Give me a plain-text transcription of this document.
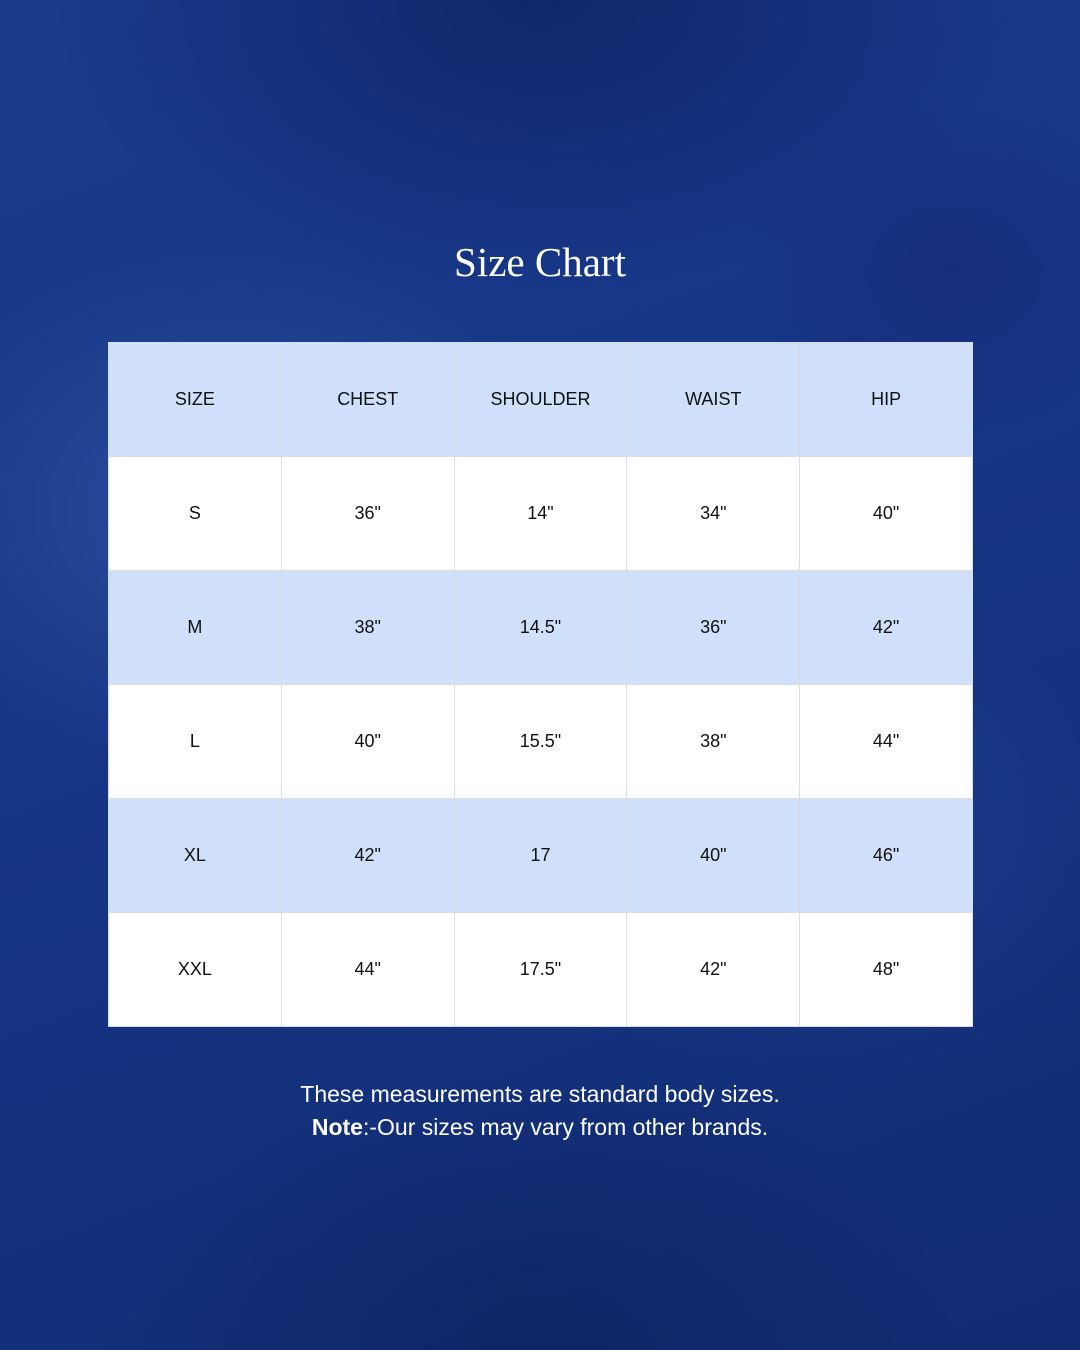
Size Chart
SIZE	CHEST	SHOULDER	WAIST	HIP
S	36"	14"	34"	40"
M	38"	14.5"	36"	42"
L	40"	15.5"	38"	44"
XL	42"	17	40"	46"
XXL	44"	17.5"	42"	48"
These measurements are standard body sizes.
Note:-Our sizes may vary from other brands.
